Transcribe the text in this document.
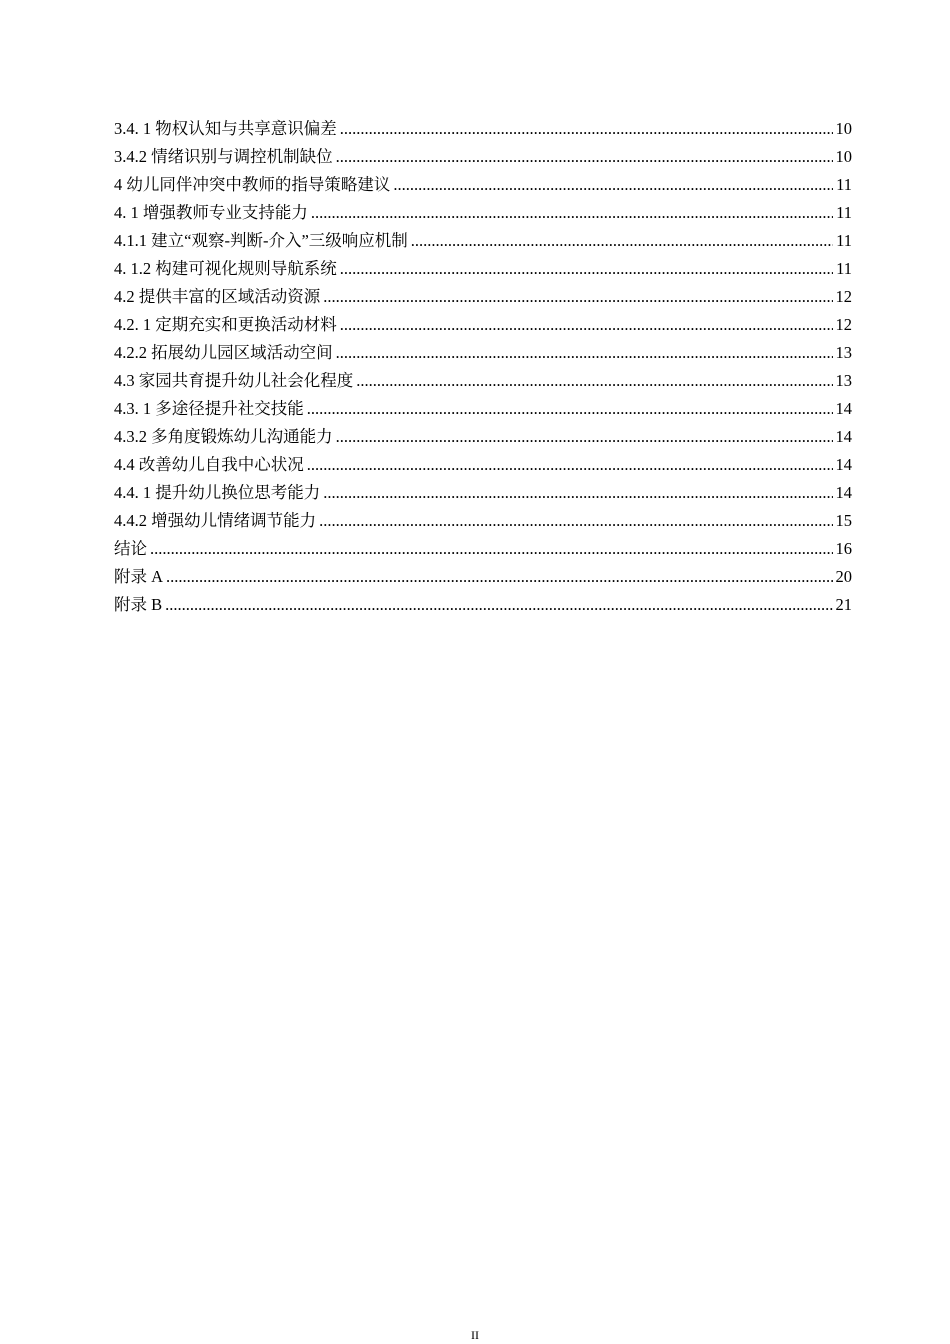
3.4. 1 物权认知与共享意识偏差 .....	10
3.4.2 情绪识别与调控机制缺位 .....	10
4 幼儿同伴冲突中教师的指导策略建议 .....	11
4. 1 增强教师专业支持能力 .....	11
4.1.1 建立“观察-判断-介入”三级响应机制 .....	11
4. 1.2 构建可视化规则导航系统 .....	11
4.2 提供丰富的区域活动资源 .....	12
4.2. 1 定期充实和更换活动材料 .....	12
4.2.2 拓展幼儿园区域活动空间 .....	13
4.3 家园共育提升幼儿社会化程度 .....	13
4.3. 1 多途径提升社交技能 .....	14
4.3.2 多角度锻炼幼儿沟通能力 .....	14
4.4 改善幼儿自我中心状况 .....	14
4.4. 1 提升幼儿换位思考能力 .....	14
4.4.2 增强幼儿情绪调节能力 .....	15
结论 .....	16
附录 A .....	20
附录 B .....	21
II
